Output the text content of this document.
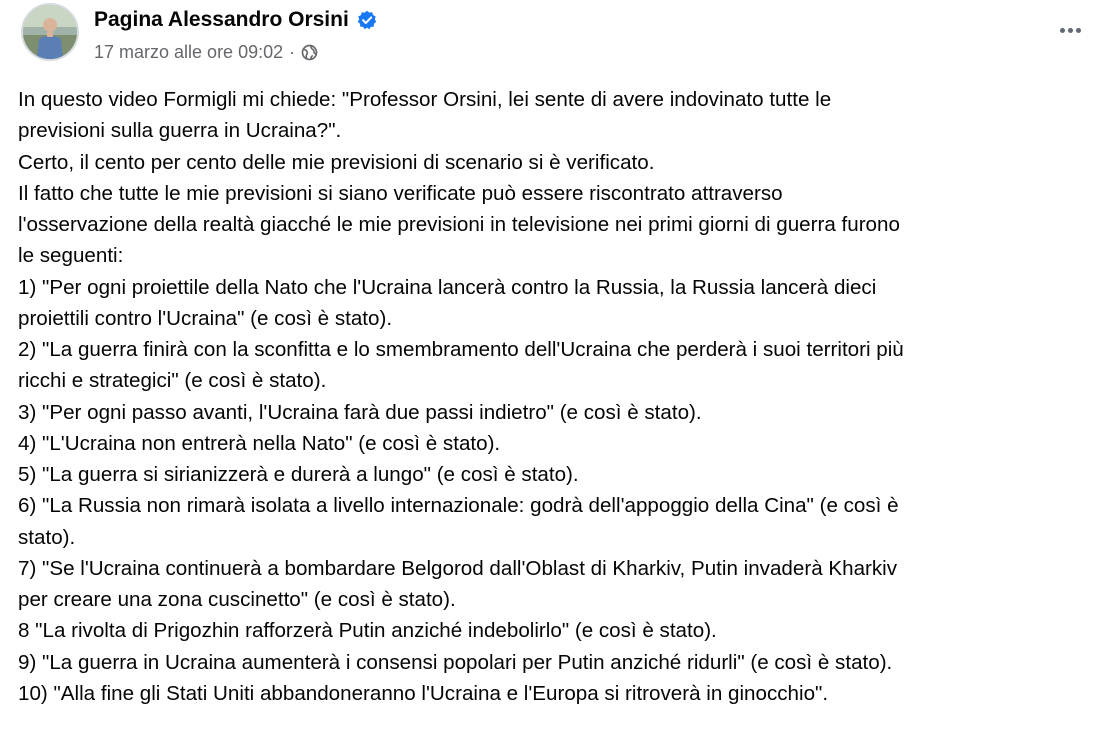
Pagina Alessandro Orsini
17 marzo alle ore 09:02 ·

In questo video Formigli mi chiede: "Professor Orsini, lei sente di avere indovinato tutte le

previsioni sulla guerra in Ucraina?".

Certo, il cento per cento delle mie previsioni di scenario si è verificato.

Il fatto che tutte le mie previsioni si siano verificate può essere riscontrato attraverso

l'osservazione della realtà giacché le mie previsioni in televisione nei primi giorni di guerra furono

le seguenti:

1) "Per ogni proiettile della Nato che l'Ucraina lancerà contro la Russia, la Russia lancerà dieci

proiettili contro l'Ucraina" (e così è stato).

2) "La guerra finirà con la sconfitta e lo smembramento dell'Ucraina che perderà i suoi territori più

ricchi e strategici" (e così è stato).

3) "Per ogni passo avanti, l'Ucraina farà due passi indietro" (e così è stato).

4) "L'Ucraina non entrerà nella Nato" (e così è stato).

5) "La guerra si sirianizzerà e durerà a lungo" (e così è stato).

6) "La Russia non rimarà isolata a livello internazionale: godrà dell'appoggio della Cina" (e così è

stato).

7) "Se l'Ucraina continuerà a bombardare Belgorod dall'Oblast di Kharkiv, Putin invaderà Kharkiv

per creare una zona cuscinetto" (e così è stato).

8 "La rivolta di Prigozhin rafforzerà Putin anziché indebolirlo" (e così è stato).

9) "La guerra in Ucraina aumenterà i consensi popolari per Putin anziché ridurli" (e così è stato).

10) "Alla fine gli Stati Uniti abbandoneranno l'Ucraina e l'Europa si ritroverà in ginocchio".
